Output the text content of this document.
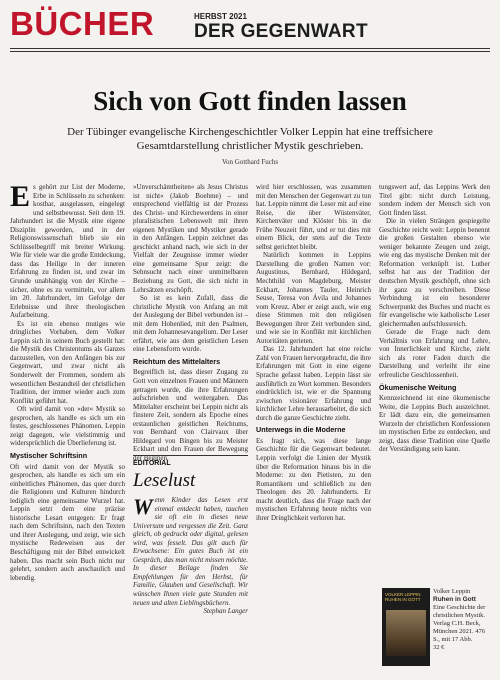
BÜCHER	HERBST 2021
DER GEGENWART
Sich von Gott finden lassen
Der Tübinger evangelische Kirchengeschichtler Volker Leppin hat eine treffsichere Gesamtdarstellung christlicher Mystik geschrieben.
Von Gotthard Fuchs

Es gehört zur List der Moderne, Erbe in Schlüsseln zu schenken: kostbar, ausgelassen, eingelegt und selbstbewusst. Seit dem 19. Jahrhundert ist die Mystik eine eigene Disziplin geworden, und in der Religionswissenschaft blieb sie ein Schlüsselbegriff mit breiter Wirkung. Wie für viele war die große Entdeckung, dass das Heilige in der inneren Erfahrung zu finden ist, und zwar im Grunde unabhängig von der Kirche – sicher, ohne es zu vermitteln, vor allem im 20. Jahrhundert, im Gefolge der Erlebnisse und ihrer theologischen Aufarbeitung.

Es ist ein ebenso mutiges wie dringliches Vorhaben, dem Volker Leppin sich in seinem Buch gestellt hat: die Mystik des Christentums als Ganzes darzustellen, von den Anfängen bis zur Gegenwart, und zwar nicht als Sonderwelt der Frommen, sondern als wesentlichen Bestandteil der christlichen Tradition, der immer wieder auch zum Konflikt geführt hat.

Oft wird damit von »der« Mystik so gesprochen, als handle es sich um ein festes, geschlossenes Phänomen. Leppin zeigt dagegen, wie vielstimmig und widersprüchlich die Überlieferung ist.

Mystischer Schriftsinn

Oft wird damit von der Mystik so gesprochen, als handle es sich um ein einheitliches Phänomen, das quer durch die Religionen und Kulturen hindurch lediglich eine gemeinsame Wurzel hat. Leppin setzt dem eine präzise historische Lesart entgegen: Er fragt nach dem Schriftsinn, nach den Texten und ihrer Auslegung, und zeigt, wie sich mystische Redeweisen aus der Beschäftigung mit der Bibel entwickelt haben. Das macht sein Buch nicht nur gelehrt, sondern auch anschaulich und lebendig.

»Unverschämtheiten« als Jesus Christus ist nicht« (Jakob Boehme) – und entsprechend vielfältig ist der Prozess des Christ- und Kirchewerdens in einer pluralistischen Lebenswelt mit ihren eigenen Mystiken und Mystiker gerade in den Anfängen. Leppin zeichnet das geschickt anhand nach, wie sich in der Vielfalt der Zeugnisse immer wieder eine gemeinsame Spur zeigt: die Sehnsucht nach einer unmittelbaren Beziehung zu Gott, die sich nicht in Lehrsätzen erschöpft.

So ist es kein Zufall, dass die christliche Mystik von Anfang an mit der Auslegung der Bibel verbunden ist – mit dem Hohenlied, mit den Psalmen, mit dem Johannesevangelium. Der Leser erfährt, wie aus dem geistlichen Lesen eine Lebensform wurde.

Reichtum des Mittelalters

Begreiflich ist, dass dieser Zugang zu Gott von einzelnen Frauen und Männern getragen wurde, die ihre Erfahrungen aufschrieben und weitergaben. Das Mittelalter erscheint bei Leppin nicht als finstere Zeit, sondern als Epoche eines erstaunlichen geistlichen Reichtums, von Bernhard von Clairvaux über Hildegard von Bingen bis zu Meister Eckhart und den Frauen der Bewegung der Beginen.

EDITORIAL
Leselust
Wenn Kinder das Lesen erst einmal entdeckt haben, tauchen sie oft ein in dieses neue Universum und vergessen die Zeit. Ganz gleich, ob gedruckt oder digital, gelesen wird, was fesselt. Das gilt auch für Erwachsene: Ein gutes Buch ist ein Gespräch, das man nicht missen möchte. In dieser Beilage finden Sie Empfehlungen für den Herbst, für Familie, Glauben und Gesellschaft. Wir wünschen Ihnen viele gute Stunden mit neuen und alten Lieblingsbüchern.
Stephan Langer

wird hier erschlossen, was zusammen mit den Menschen der Gegenwart zu tun hat. Leppin nimmt die Leser mit auf eine Reise, die über Wüstenväter, Kirchenväter und Klöster bis in die Frühe Neuzeit führt, und er tut dies mit einem Blick, der stets auf die Texte selbst gerichtet bleibt.

Natürlich kommen in Leppins Darstellung die großen Namen vor: Augustinus, Bernhard, Hildegard, Mechthild von Magdeburg, Meister Eckhart, Johannes Tauler, Heinrich Seuse, Teresa von Ávila und Johannes vom Kreuz. Aber er zeigt auch, wie eng diese Stimmen mit den religiösen Bewegungen ihrer Zeit verbunden sind, und wie sie in Konflikt mit kirchlichen Autoritäten gerieten.

Das 12. Jahrhundert hat eine reiche Zahl von Frauen hervorgebracht, die ihre Erfahrungen mit Gott in eine eigene Sprache gefasst haben. Leppin lässt sie ausführlich zu Wort kommen. Besonders eindrücklich ist, wie er die Spannung zwischen visionärer Erfahrung und kirchlicher Lehre herausarbeitet, die sich durch die ganze Geschichte zieht.

Unterwegs in die Moderne

Es fragt sich, was diese lange Geschichte für die Gegenwart bedeutet. Leppin verfolgt die Linien der Mystik über die Reformation hinaus bis in die Moderne: zu den Pietisten, zu den Romantikern und schließlich zu den Theologen des 20. Jahrhunderts. Er macht deutlich, dass die Frage nach der mystischen Erfahrung heute nichts von ihrer Dringlichkeit verloren hat.

tungswert auf, das Leppins Werk den Titel gibt: nicht durch Leistung, sondern indem der Mensch sich von Gott finden lässt.

Die in vielen Strängen gespiegelte Geschichte reicht weit: Leppin benennt die großen Gestalten ebenso wie weniger bekannte Zeugen und zeigt, wie eng das mystische Denken mit der Reformation verknüpft ist. Luther selbst hat aus der Tradition der deutschen Mystik geschöpft, ohne sich ihr ganz zu verschreiben. Diese Verbindung ist ein besonderer Schwerpunkt des Buches und macht es für evangelische wie katholische Leser gleichermaßen aufschlussreich.

Gerade die Frage nach dem Verhältnis von Erfahrung und Lehre, von Innerlichkeit und Kirche, zieht sich als roter Faden durch die Darstellung und verleiht ihr eine erfreuliche Geschlossenheit.

Ökumenische Weitung

Kennzeichnend ist eine ökumenische Weite, die Leppins Buch auszeichnet. Er lädt dazu ein, die gemeinsamen Wurzeln der christlichen Konfessionen im mystischen Erbe zu entdecken, und zeigt, dass diese Tradition eine Quelle der Verständigung sein kann.

VOLKER LEPPIN RUHEN IN GOTT
Volker Leppin
Ruhen in Gott
Eine Geschichte der christlichen Mystik. Verlag C.H. Beck, München 2021. 476 S., mit 17 Abb.
32 €
